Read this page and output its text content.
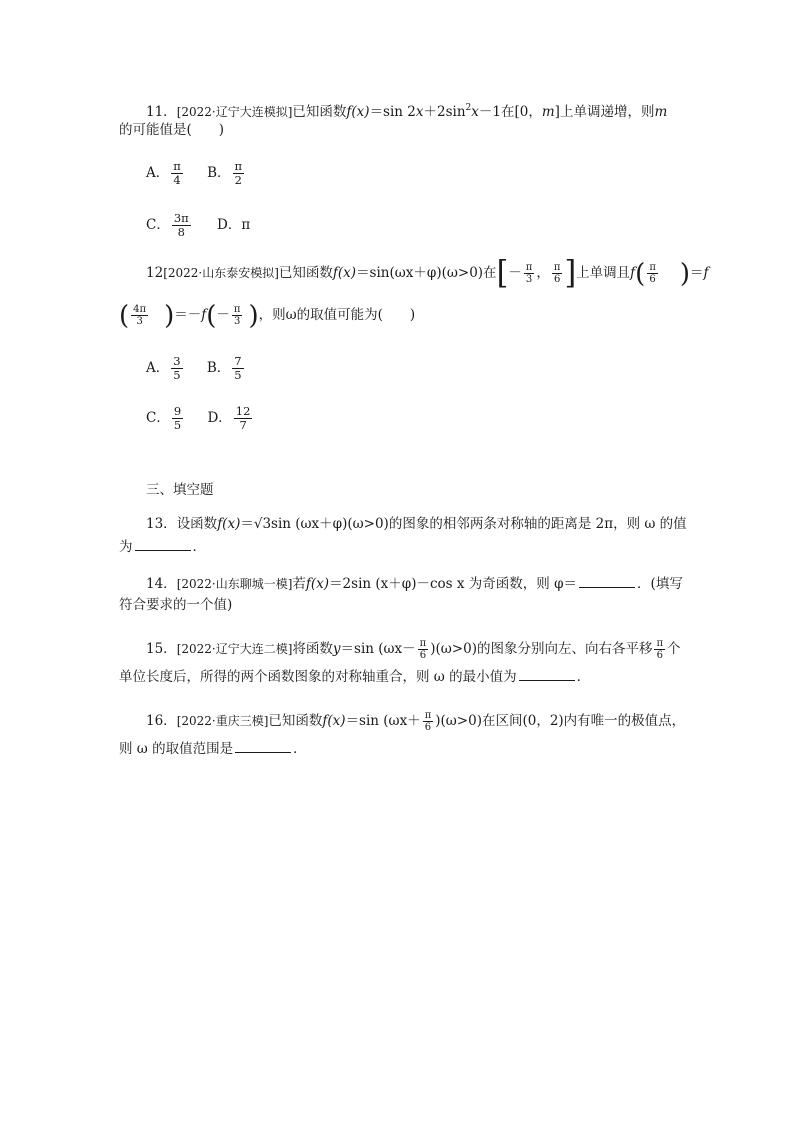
11．[2022·辽宁大连模拟]已知函数f(x)＝sin $2x+2\sin^2x-1$在[0，m]上单调递增，则m
的可能值是(　　)
A． $\frac{\pi}{4}$ B． $\frac{\pi}{2}$
C． $\frac{3\pi}{8}$ D．π
12[2022·山东泰安模拟]已知函数f(x)＝sin(ωx＋φ)(ω>0)在[－ $\frac{\pi}{3}$ ， $\frac{\pi}{6}$ ]上单调且$f( \frac{\pi}{6} )=f$
( $\frac{4\pi}{3} )=-f(- \frac{\pi}{3}$ )，则ω的取值可能为(　　)
A． $\frac{3}{5}$ B． $\frac{7}{5}$
C． $\frac{9}{5}$ D． $\frac{12}{7}$
三、填空题
13．设函数f(x)＝√3sin (ωx＋φ)(ω>0)的图象的相邻两条对称轴的距离是 2π，则 ω 的值
为	．
14．[2022·山东聊城一模]若f(x)＝2sin (x＋φ)－cos x 为奇函数，则 φ＝	．(填写
符合要求的一个值)
15．[2022·辽宁大连二模]将函数y＝sin $(\omega x- \frac{\pi}{6} )(\omega>0)$的图象分别向左、向右各平移 $\frac{\pi}{6}$ 个
单位长度后，所得的两个函数图象的对称轴重合，则 ω 的最小值为	．
16．[2022·重庆三模]已知函数f(x)＝sin $(\omega x+ \frac{\pi}{6} )(\omega>0)$在区间(0，2)内有唯一的极值点，
则 ω 的取值范围是	．
